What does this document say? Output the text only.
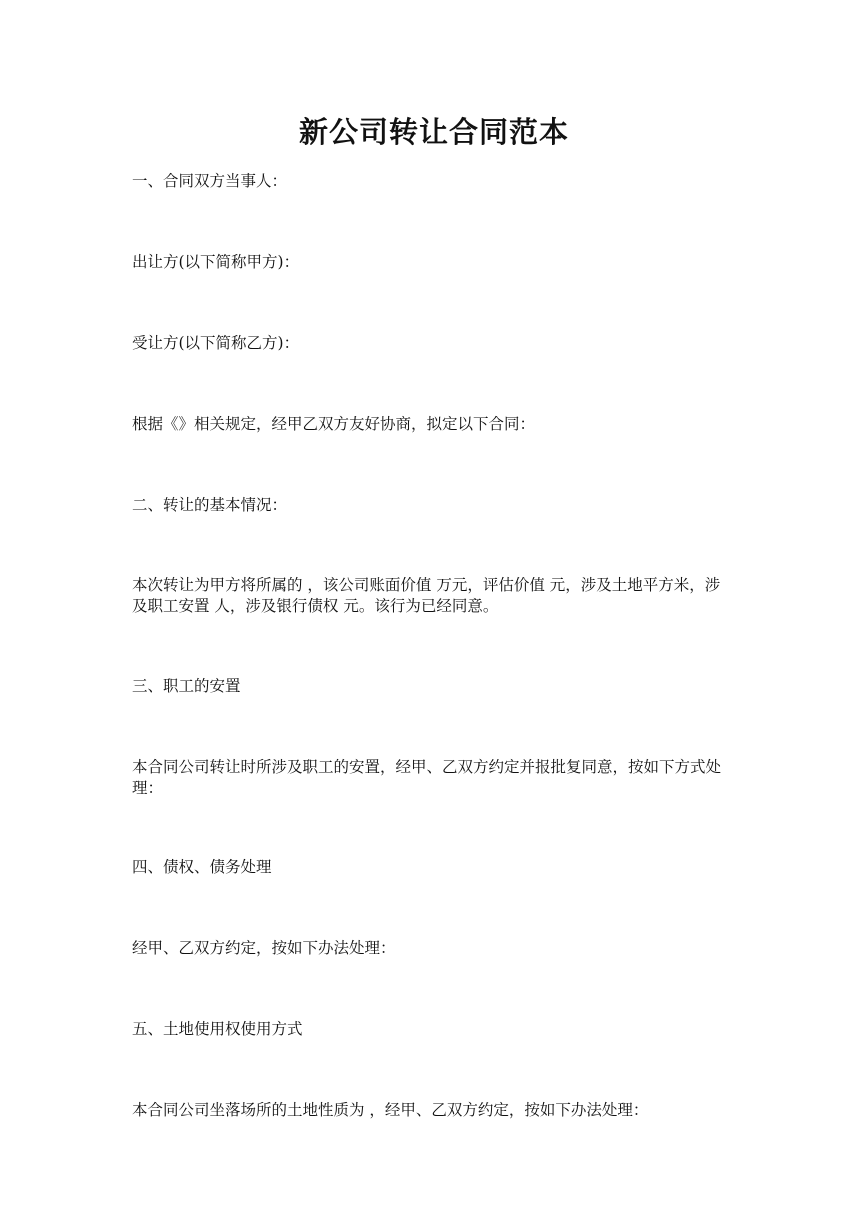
新公司转让合同范本

一、合同双方当事人：

出让方(以下简称甲方)：

受让方(以下简称乙方)：

根据《》相关规定，经甲乙双方友好协商，拟定以下合同：

二、转让的基本情况：

本次转让为甲方将所属的 ，该公司账面价值 万元，评估价值 元，涉及土地平方米，涉及职工安置 人，涉及银行债权 元。该行为已经同意。

三、职工的安置

本合同公司转让时所涉及职工的安置，经甲、乙双方约定并报批复同意，按如下方式处理：

四、债权、债务处理

经甲、乙双方约定，按如下办法处理：

五、土地使用权使用方式

本合同公司坐落场所的土地性质为 ，经甲、乙双方约定，按如下办法处理：
